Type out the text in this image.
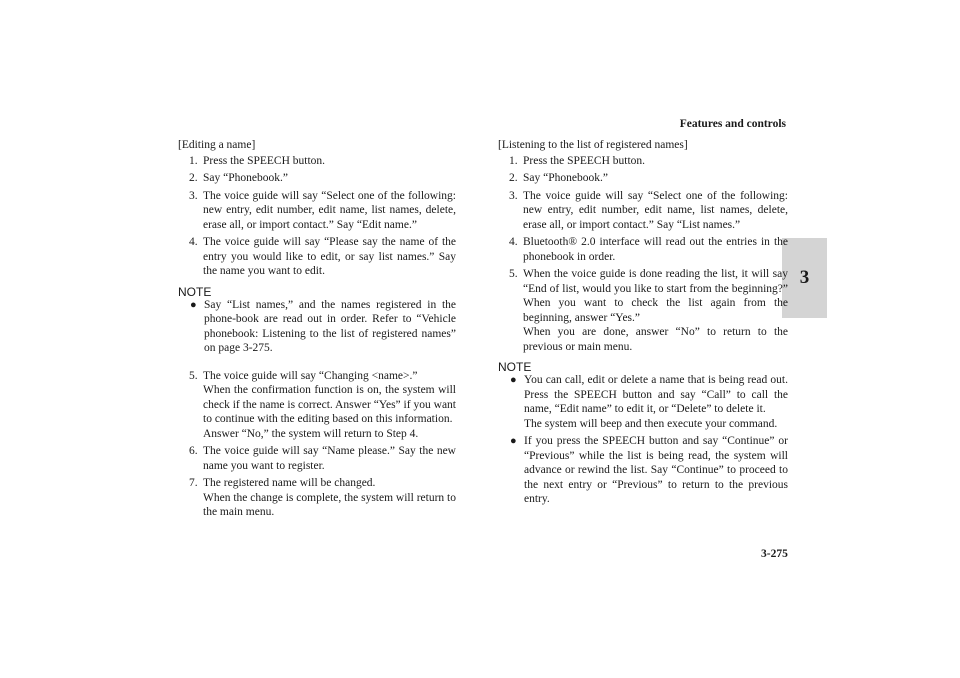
Features and controls
3
3-275

[Editing a name]

1. Press the SPEECH button.
2. Say “Phonebook.”
3. The voice guide will say “Select one of the following: new entry, edit number, edit name, list names, delete, erase all, or import contact.” Say “Edit name.”
4. The voice guide will say “Please say the name of the entry you would like to edit, or say list names.” Say the name you want to edit.

NOTE

● Say “List names,” and the names registered in the phone-book are read out in order. Refer to “Vehicle phonebook: Listening to the list of registered names” on page 3-275.
5. The voice guide will say “Changing <name>.”

When the confirmation function is on, the system will check if the name is correct. Answer “Yes” if you want to continue with the editing based on this information.

Answer “No,” the system will return to Step 4.

6. The voice guide will say “Name please.” Say the new name you want to register.

7. The registered name will be changed.

When the change is complete, the system will return to the main menu.

[Listening to the list of registered names]

1. Press the SPEECH button.

2. Say “Phonebook.”

3. The voice guide will say “Select one of the following: new entry, edit number, edit name, list names, delete, erase all, or import contact.” Say “List names.”

4. Bluetooth® 2.0 interface will read out the entries in the phonebook in order.

5. When the voice guide is done reading the list, it will say “End of list, would you like to start from the beginning?” When you want to check the list again from the beginning, answer “Yes.”

When you are done, answer “No” to return to the previous or main menu.

NOTE

● You can call, edit or delete a name that is being read out. Press the SPEECH button and say “Call” to call the name, “Edit name” to edit it, or “Delete” to delete it.

The system will beep and then execute your command.

● If you press the SPEECH button and say “Continue” or “Previous” while the list is being read, the system will advance or rewind the list. Say “Continue” to proceed to the next entry or “Previous” to return to the previous entry.
